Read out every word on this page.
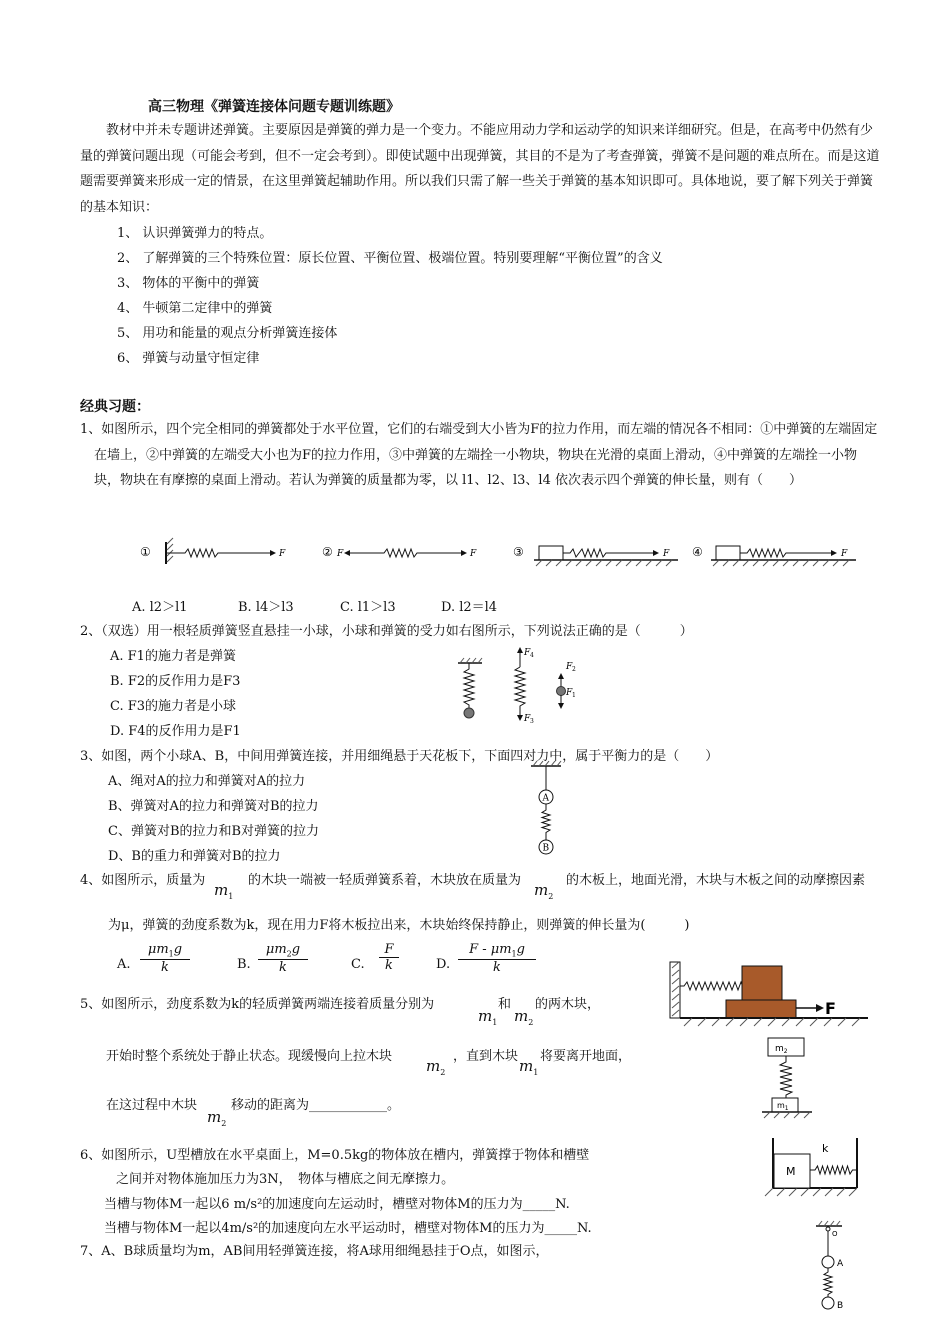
高三物理《弹簧连接体问题专题训练题》
教材中并未专题讲述弹簧。主要原因是弹簧的弹力是一个变力。不能应用动力学和运动学的知识来详细研究。但是，在高考中仍然有少量的弹簧问题出现（可能会考到，但不一定会考到）。即使试题中出现弹簧，其目的不是为了考查弹簧，弹簧不是问题的难点所在。而是这道题需要弹簧来形成一定的情景，在这里弹簧起辅助作用。所以我们只需了解一些关于弹簧的基本知识即可。具体地说，要了解下列关于弹簧的基本知识：
1、 认识弹簧弹力的特点。
2、 了解弹簧的三个特殊位置：原长位置、平衡位置、极端位置。特别要理解“平衡位置”的含义
3、 物体的平衡中的弹簧
4、 牛顿第二定律中的弹簧
5、 用功和能量的观点分析弹簧连接体
6、 弹簧与动量守恒定律
经典习题：
1、如图所示，四个完全相同的弹簧都处于水平位置，它们的右端受到大小皆为F的拉力作用，而左端的情况各不相同：①中弹簧的左端固定在墙上，②中弹簧的左端受大小也为F的拉力作用，③中弹簧的左端拴一小物块，物块在光滑的桌面上滑动，④中弹簧的左端拴一小物块，物块在有摩擦的桌面上滑动。若认为弹簧的质量都为零，以 l1、l2、l3、l4 依次表示四个弹簧的伸长量，则有（　　）
①	F	② F	F	③	F ④	F
A. l2＞l1	B. l4＞l3	C. l1＞l3	D. l2＝l4
2、（双选）用一根轻质弹簧竖直悬挂一小球，小球和弹簧的受力如右图所示，下列说法正确的是（　　　）
A. F1的施力者是弹簧
B. F2的反作用力是F3
C. F3的施力者是小球
D. F4的反作用力是F1
F 4
F 3
F 2
F 1
3、如图，两个小球A、B，中间用弹簧连接，并用细绳悬于天花板下，下面四对力中，属于平衡力的是（　　）
A、绳对A的拉力和弹簧对A的拉力
B、弹簧对A的拉力和弹簧对B的拉力
C、弹簧对B的拉力和B对弹簧的拉力
D、B的重力和弹簧对B的拉力
A
B
4、如图所示，质量为
$m_1$
的木块一端被一轻质弹簧系着，木块放在质量为
$m_2$
的木板上，地面光滑，木块与木板之间的动摩擦因素
为μ，弹簧的劲度系数为k，现在用力F将木板拉出来，木块始终保持静止，则弹簧的伸长量为(　　　)
A. $\frac{\mu m_1g}{k}$	B. $\frac{\mu m_2g}{k}$	C. $\frac{F}{k}$	D. $\frac{F - \mu m_1g}{k}$
F
5、如图所示，劲度系数为k的轻质弹簧两端连接着质量分别为
$m_1$
和
$m_2$
的两木块，
开始时整个系统处于静止状态。现缓慢向上拉木块
$m_2$
，直到木块
$m_1$
将要离开地面，
在这过程中木块
$m_2$
移动的距离为____________。
$m_2$
$m_1$
6、如图所示，U型槽放在水平桌面上，M=0.5kg的物体放在槽内，弹簧撑于物体和槽壁
之间并对物体施加压力为3N，　物体与槽底之间无摩擦力。
当槽与物体M一起以6 m/s²的加速度向左运动时，槽壁对物体M的压力为_____N.
当槽与物体M一起以4m/s²的加速度向左水平运动时，槽壁对物体M的压力为_____N.
M
k
7、A、B球质量均为m，AB间用轻弹簧连接，将A球用细绳悬挂于O点，如图示，
O
A
B
